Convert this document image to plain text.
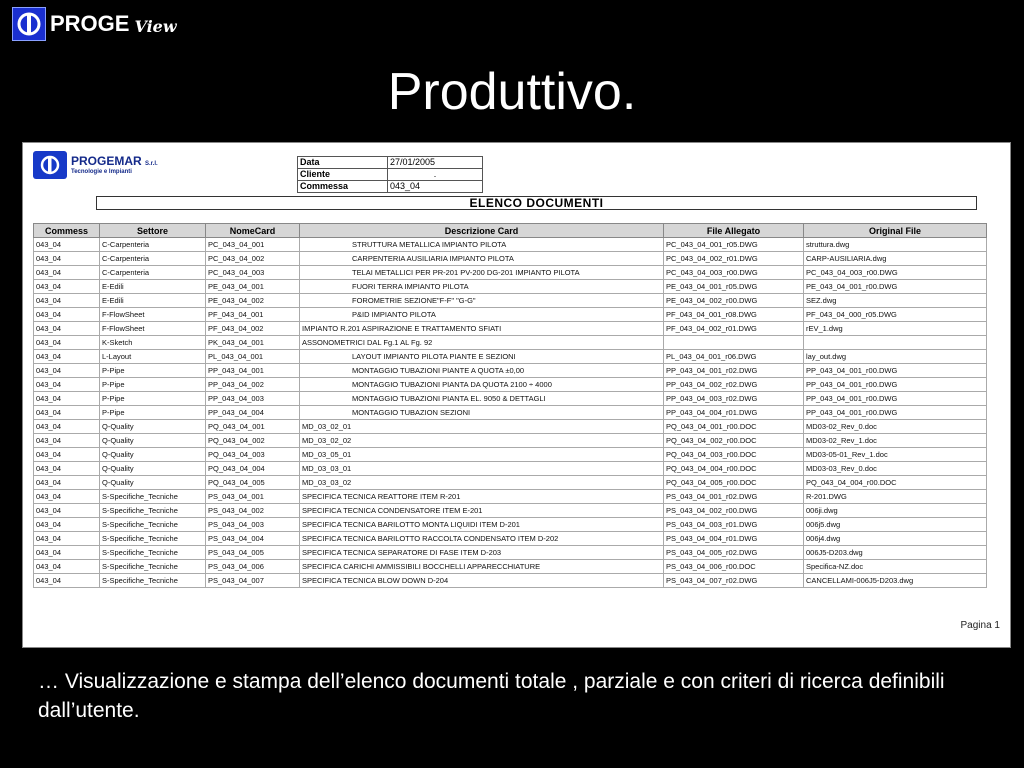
PROGE View
Produttivo.
PROGEMAR S.r.l.
Tecnologie e Impianti
Data	27/01/2005
Cliente	.
Commessa	043_04
ELENCO DOCUMENTI
Commess	Settore	NomeCard	Descrizione Card	File Allegato	Original File
043_04	C-Carpenteria	PC_043_04_001	STRUTTURA METALLICA IMPIANTO PILOTA	PC_043_04_001_r05.DWG	struttura.dwg
043_04	C-Carpenteria	PC_043_04_002	CARPENTERIA AUSILIARIA IMPIANTO PILOTA	PC_043_04_002_r01.DWG	CARP-AUSILIARIA.dwg
043_04	C-Carpenteria	PC_043_04_003	TELAI METALLICI PER PR-201 PV-200 DG-201 IMPIANTO PILOTA	PC_043_04_003_r00.DWG	PC_043_04_003_r00.DWG
043_04	E-Edili	PE_043_04_001	FUORI TERRA IMPIANTO PILOTA	PE_043_04_001_r05.DWG	PE_043_04_001_r00.DWG
043_04	E-Edili	PE_043_04_002	FOROMETRIE SEZIONE"F-F" "G-G"	PE_043_04_002_r00.DWG	SEZ.dwg
043_04	F-FlowSheet	PF_043_04_001	P&ID IMPIANTO PILOTA	PF_043_04_001_r08.DWG	PF_043_04_000_r05.DWG
043_04	F-FlowSheet	PF_043_04_002	IMPIANTO R.201 ASPIRAZIONE E TRATTAMENTO SFIATI	PF_043_04_002_r01.DWG	rEV_1.dwg
043_04	K-Sketch	PK_043_04_001	ASSONOMETRICI DAL Fg.1 AL Fg. 92		
043_04	L-Layout	PL_043_04_001	LAYOUT IMPIANTO PILOTA PIANTE E SEZIONI	PL_043_04_001_r06.DWG	lay_out.dwg
043_04	P-Pipe	PP_043_04_001	MONTAGGIO TUBAZIONI PIANTE A QUOTA ±0,00	PP_043_04_001_r02.DWG	PP_043_04_001_r00.DWG
043_04	P-Pipe	PP_043_04_002	MONTAGGIO TUBAZIONI PIANTA DA QUOTA 2100 ÷ 4000	PP_043_04_002_r02.DWG	PP_043_04_001_r00.DWG
043_04	P-Pipe	PP_043_04_003	MONTAGGIO TUBAZIONI PIANTA EL. 9050 & DETTAGLI	PP_043_04_003_r02.DWG	PP_043_04_001_r00.DWG
043_04	P-Pipe	PP_043_04_004	MONTAGGIO TUBAZION SEZIONI	PP_043_04_004_r01.DWG	PP_043_04_001_r00.DWG
043_04	Q-Quality	PQ_043_04_001	MD_03_02_01	PQ_043_04_001_r00.DOC	MD03-02_Rev_0.doc
043_04	Q-Quality	PQ_043_04_002	MD_03_02_02	PQ_043_04_002_r00.DOC	MD03-02_Rev_1.doc
043_04	Q-Quality	PQ_043_04_003	MD_03_05_01	PQ_043_04_003_r00.DOC	MD03-05-01_Rev_1.doc
043_04	Q-Quality	PQ_043_04_004	MD_03_03_01	PQ_043_04_004_r00.DOC	MD03-03_Rev_0.doc
043_04	Q-Quality	PQ_043_04_005	MD_03_03_02	PQ_043_04_005_r00.DOC	PQ_043_04_004_r00.DOC
043_04	S-Specifiche_Tecniche	PS_043_04_001	SPECIFICA TECNICA REATTORE ITEM R-201	PS_043_04_001_r02.DWG	R-201.DWG
043_04	S-Specifiche_Tecniche	PS_043_04_002	SPECIFICA TECNICA CONDENSATORE ITEM E-201	PS_043_04_002_r00.DWG	006ji.dwg
043_04	S-Specifiche_Tecniche	PS_043_04_003	SPECIFICA TECNICA BARILOTTO MONTA LIQUIDI ITEM D-201	PS_043_04_003_r01.DWG	006j5.dwg
043_04	S-Specifiche_Tecniche	PS_043_04_004	SPECIFICA TECNICA BARILOTTO RACCOLTA CONDENSATO ITEM D-202	PS_043_04_004_r01.DWG	006j4.dwg
043_04	S-Specifiche_Tecniche	PS_043_04_005	SPECIFICA TECNICA SEPARATORE DI FASE ITEM D-203	PS_043_04_005_r02.DWG	006J5-D203.dwg
043_04	S-Specifiche_Tecniche	PS_043_04_006	SPECIFICA CARICHI AMMISSIBILI BOCCHELLI APPARECCHIATURE	PS_043_04_006_r00.DOC	Specifica-NZ.doc
043_04	S-Specifiche_Tecniche	PS_043_04_007	SPECIFICA TECNICA BLOW DOWN D-204	PS_043_04_007_r02.DWG	CANCELLAMI-006J5-D203.dwg
Pagina 1
… Visualizzazione e stampa dell’elenco documenti totale , parziale e con criteri di ricerca definibili dall’utente.
